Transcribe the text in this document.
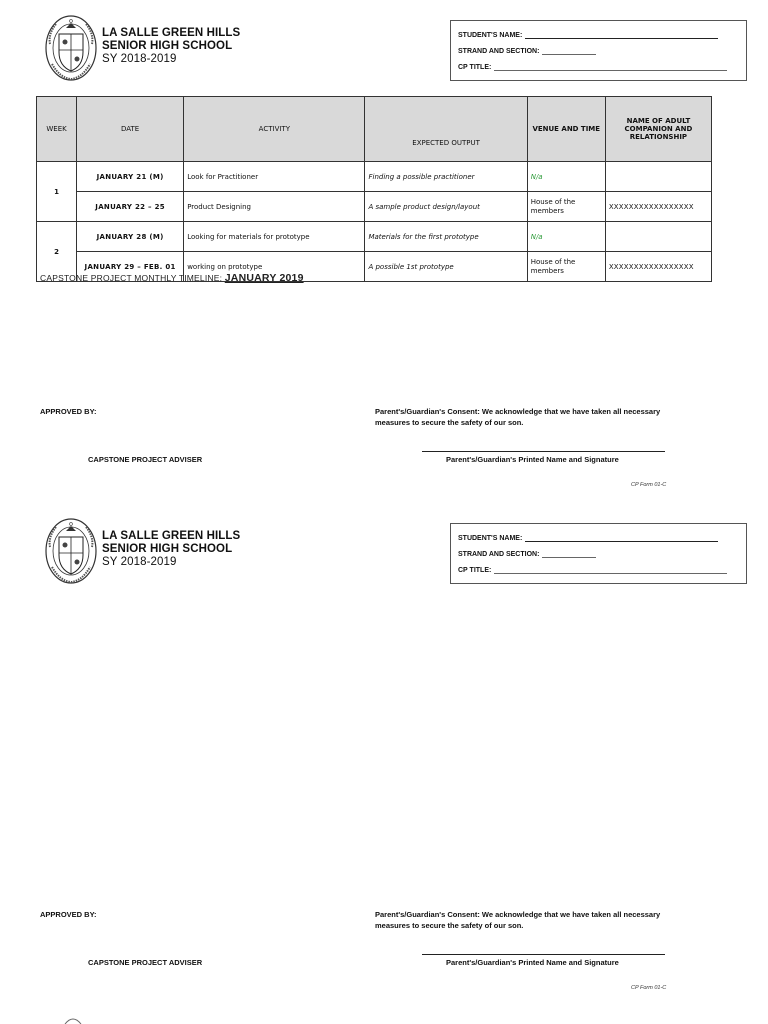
LA SALLE GREEN HILLS
SENIOR HIGH SCHOOL
SY 2018-2019
STUDENT'S NAME:
STRAND AND SECTION:
CP TITLE:
WEEK	DATE	ACTIVITY	EXPECTED OUTPUT	VENUE AND TIME	NAME OF ADULT COMPANION AND RELATIONSHIP
1	JANUARY 21 (M)	Look for Practitioner	Finding a possible practitioner	N/a	
	JANUARY 22 – 25	Product Designing	A sample product design/layout	House of the members	XXXXXXXXXXXXXXXXX
2	JANUARY 28 (M)	Looking for materials for prototype	Materials for the first prototype	N/a	
	JANUARY 29 – FEB. 01	working on prototype	A possible 1st prototype	House of the members	XXXXXXXXXXXXXXXXX
CAPSTONE PROJECT MONTHLY TIMELINE: JANUARY 2019
APPROVED BY:	Parent's/Guardian's Consent: We acknowledge that we have taken all necessary measures to secure the safety of our son.
CAPSTONE PROJECT ADVISER	Parent's/Guardian's Printed Name and Signature
CP Form 01-C
LA SALLE GREEN HILLS
SENIOR HIGH SCHOOL
SY 2018-2019
STUDENT'S NAME:
STRAND AND SECTION:
CP TITLE:
APPROVED BY:	Parent's/Guardian's Consent: We acknowledge that we have taken all necessary measures to secure the safety of our son.
CAPSTONE PROJECT ADVISER	Parent's/Guardian's Printed Name and Signature
CP Form 01-C
